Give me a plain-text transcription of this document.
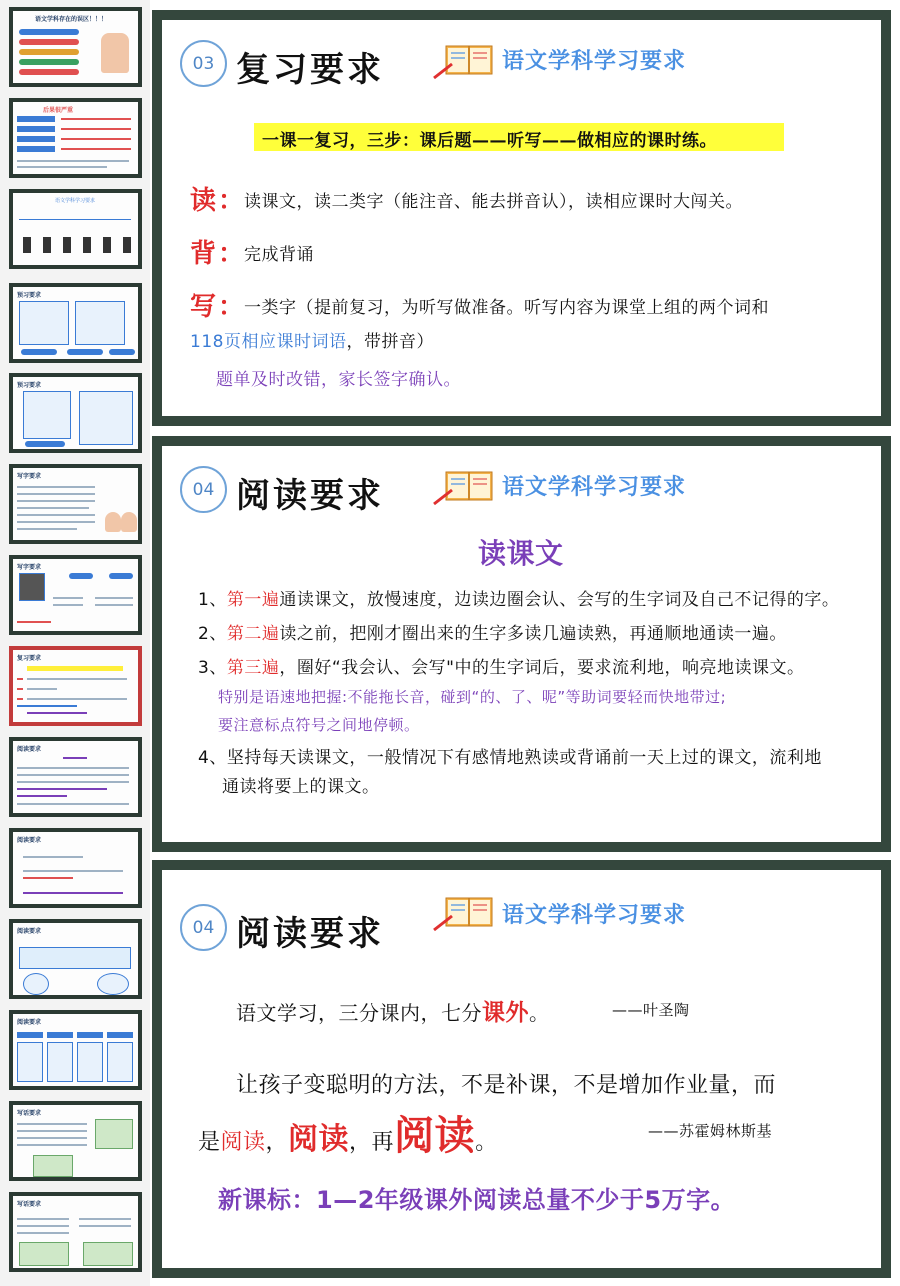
语文学科存在的误区！！！
后果很严重
语文学科学习要求
预习要求
预习要求
写字要求
写字要求
复习要求
阅读要求
阅读要求
阅读要求
阅读要求
写话要求
写话要求
03 复习要求	语文学科学习要求
一课一复习，三步：课后题——听写——做相应的课时练。
读 ： 读课文，读二类字（能注音、能去拼音认），读相应课时大闯关。
背 ： 完成背诵
写 ： 一类字（提前复习，为听写做准备。听写内容为课堂上组的两个词和
118页相应课时词语，带拼音）
题单及时改错，家长签字确认。
04 阅读要求	语文学科学习要求
读课文
1、第一遍通读课文，放慢速度，边读边圈会认、会写的生字词及自己不记得的字。
2、第二遍读之前，把刚才圈出来的生字多读几遍读熟，再通顺地通读一遍。
3、第三遍，圈好“我会认、会写"中的生字词后，要求流利地，响亮地读课文。
特别是语速地把握:不能拖长音，碰到“的、了、呢”等助词要轻而快地带过;
要注意标点符号之间地停顿。
4、坚持每天读课文，一般情况下有感情地熟读或背诵前一天上过的课文，流利地
通读将要上的课文。
04 阅读要求	语文学科学习要求
语文学习，三分课内，七分课外。	——叶圣陶
让孩子变聪明的方法，不是补课，不是增加作业量，而
是阅读，阅读，再阅读。	——苏霍姆林斯基
新课标：1—2年级课外阅读总量不少于5万字。
